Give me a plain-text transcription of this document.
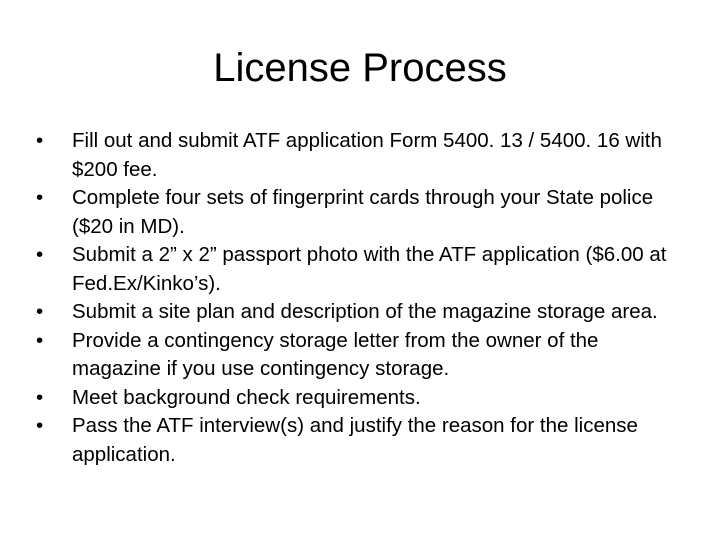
License Process
•	Fill out and submit ATF application Form 5400. 13 / 5400. 16 with $200 fee.
•	Complete four sets of fingerprint cards through your State police ($20 in MD).
•	Submit a 2” x 2” passport photo with the ATF application ($6.00 at Fed.Ex/Kinko’s).
•	Submit a site plan and description of the magazine storage area.
•	Provide a contingency storage letter from the owner of the magazine if you use contingency storage.
•	Meet background check requirements.
•	Pass the ATF interview(s) and justify the reason for the license application.
